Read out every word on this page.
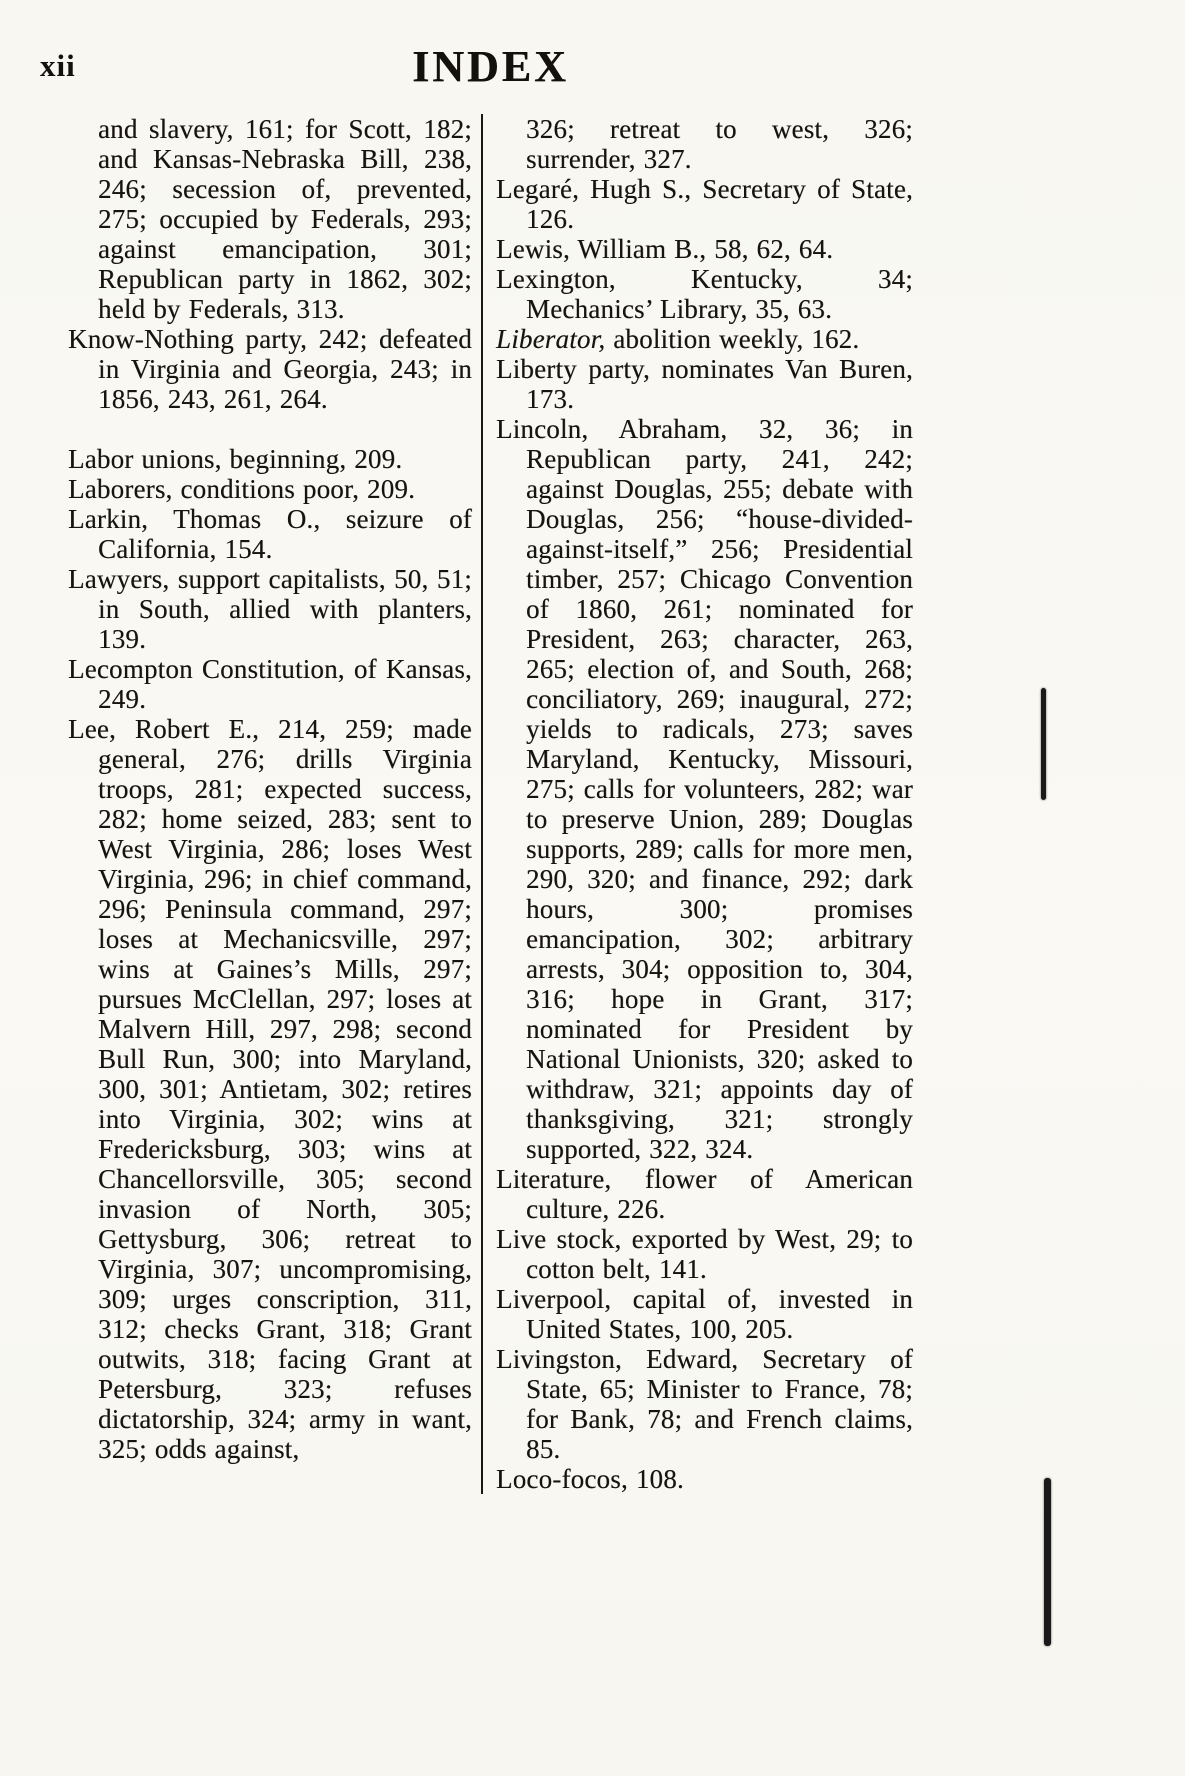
xii	INDEX

and slavery, 161; for Scott, 182; and Kansas-Nebraska Bill, 238, 246; secession of, prevented, 275; occupied by Federals, 293; against emancipation, 301; Republican party in 1862, 302; held by Federals, 313.

Know-Nothing party, 242; defeated in Virginia and Georgia, 243; in 1856, 243, 261, 264.

Labor unions, beginning, 209.

Laborers, conditions poor, 209.

Larkin, Thomas O., seizure of California, 154.

Lawyers, support capitalists, 50, 51; in South, allied with planters, 139.

Lecompton Constitution, of Kansas, 249.

Lee, Robert E., 214, 259; made general, 276; drills Virginia troops, 281; expected success, 282; home seized, 283; sent to West Virginia, 286; loses West Virginia, 296; in chief command, 296; Peninsula command, 297; loses at Mechanicsville, 297; wins at Gaines’s Mills, 297; pursues McClellan, 297; loses at Malvern Hill, 297, 298; second Bull Run, 300; into Maryland, 300, 301; Antietam, 302; retires into Virginia, 302; wins at Fredericksburg, 303; wins at Chancellorsville, 305; second invasion of North, 305; Gettysburg, 306; retreat to Virginia, 307; uncompromising, 309; urges conscription, 311, 312; checks Grant, 318; Grant outwits, 318; facing Grant at Petersburg, 323; refuses dictatorship, 324; army in want, 325; odds against,

326; retreat to west, 326; surrender, 327.

Legaré, Hugh S., Secretary of State, 126.

Lewis, William B., 58, 62, 64.

Lexington, Kentucky, 34; Mechanics’ Library, 35, 63.

Liberator, abolition weekly, 162.

Liberty party, nominates Van Buren, 173.

Lincoln, Abraham, 32, 36; in Republican party, 241, 242; against Douglas, 255; debate with Douglas, 256; “house-divided-against-itself,” 256; Presidential timber, 257; Chicago Convention of 1860, 261; nominated for President, 263; character, 263, 265; election of, and South, 268; conciliatory, 269; inaugural, 272; yields to radicals, 273; saves Maryland, Kentucky, Missouri, 275; calls for volunteers, 282; war to preserve Union, 289; Douglas supports, 289; calls for more men, 290, 320; and finance, 292; dark hours, 300; promises emancipation, 302; arbitrary arrests, 304; opposition to, 304, 316; hope in Grant, 317; nominated for President by National Unionists, 320; asked to withdraw, 321; appoints day of thanksgiving, 321; strongly supported, 322, 324.

Literature, flower of American culture, 226.

Live stock, exported by West, 29; to cotton belt, 141.

Liverpool, capital of, invested in United States, 100, 205.

Livingston, Edward, Secretary of State, 65; Minister to France, 78; for Bank, 78; and French claims, 85.

Loco-focos, 108.
